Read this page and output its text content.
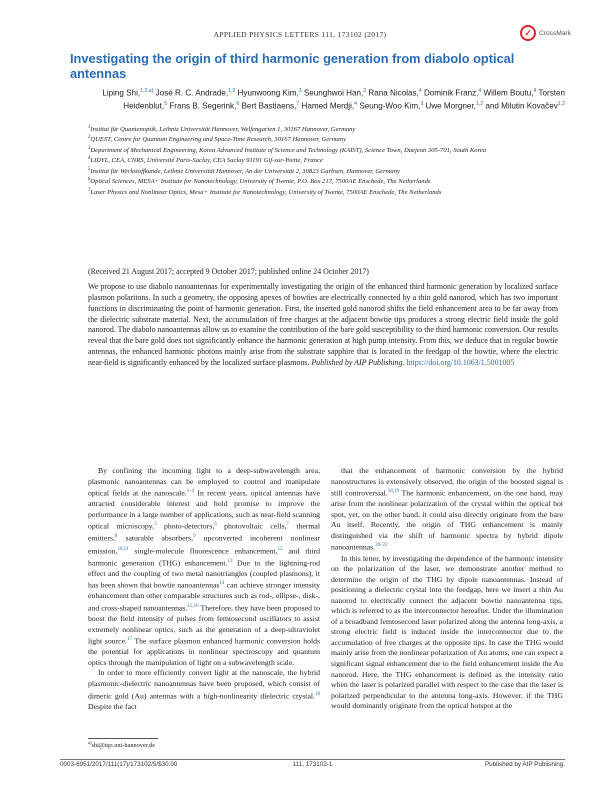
APPLIED PHYSICS LETTERS 111, 173102 (2017)	✓	CrossMark
Investigating the origin of third harmonic generation from diabolo optical antennas
Liping Shi,$^{1,2,a)}$ José R. C. Andrade,$^{1,2}$ Hyunwoong Kim,$^3$ Seunghwoi Han,$^3$ Rana Nicolas,$^4$ Dominik Franz,$^4$ Willem Boutu,$^4$ Torsten Heidenblut,$^5$ Frans B. Segerink,$^6$ Bert Bastiaens,$^7$ Hamed Merdji,$^4$ Seung-Woo Kim,$^3$ Uwe Morgner,$^{1,2}$ and Milutin Kovačev$^{1,2}$
$^1$Institut für Quantenoptik, Leibniz Universität Hannover, Welfengarten 1, 30167 Hannover, Germany
$^2$QUEST, Centre for Quantum Engineering and Space-Time Research, 30167 Hannover, Germany
$^3$Department of Mechanical Engineering, Korea Advanced Institute of Science and Technology (KAIST), Science Town, Daejeon 305-701, South Korea
$^4$LIDYL, CEA, CNRS, Université Paris-Saclay, CEA Saclay 91191 Gif-sur-Yvette, France
$^5$Institut für Werkstoffkunde, Leibniz Universität Hannover, An der Universität 2, 30823 Garbsen, Hannover, Germany
$^6$Optical Sciences, MESA+ Institute for Nanotechnology, University of Twente, P.O. Box 217, 7500AE Enschede, The Netherlands
$^7$Laser Physics and Nonlinear Optics, Mesa+ Institute for Nanotechnology, University of Twente, 7500AE Enschede, The Netherlands
(Received 21 August 2017; accepted 9 October 2017; published online 24 October 2017)
We propose to use diabolo nanoantennas for experimentally investigating the origin of the enhanced third harmonic generation by localized surface plasmon polaritons. In such a geometry, the opposing apexes of bowties are electrically connected by a thin gold nanorod, which has two important functions in discriminating the point of harmonic generation. First, the inserted gold nanorod shifts the field enhancement area to be far away from the dielectric substrate material. Next, the accumulation of free charges at the adjacent bowtie tips produces a strong electric field inside the gold nanorod. The diabolo nanoantennas allow us to examine the contribution of the bare gold susceptibility to the third harmonic conversion. Our results reveal that the bare gold does not significantly enhance the harmonic generation at high pump intensity. From this, we deduce that in regular bowtie antennas, the enhanced harmonic photons mainly arise from the substrate sapphire that is located in the feedgap of the bowtie, where the electric near-field is significantly enhanced by the localized surface plasmons. Published by AIP Publishing. https://doi.org/10.1063/1.5001005

By confining the incoming light to a deep-subwavelength area, plasmonic nanoantennas can be employed to control and manipulate optical fields at the nanoscale.$^{1-4}$ In recent years, optical antennas have attracted considerable interest and hold promise to improve the performance in a large number of applications, such as near-field scanning optical microscopy,$^5$ photo-detectors,$^6$ photovoltaic cells,$^7$ thermal emitters,$^8$ saturable absorbers,$^9$ upconverted incoherent nonlinear emission,$^{10,11}$ single-molecule fluorescence enhancement,$^{12}$ and third harmonic generation (THG) enhancement.$^{13}$ Due to the lightning-rod effect and the coupling of two metal nanotriangles (coupled plasmons), it has been shown that bowtie nanoantennas$^{14}$ can achieve stronger intensity enhancement than other comparable structures such as rod-, ellipse-, disk-, and cross-shaped nanoantennas.$^{15,16}$ Therefore, they have been proposed to boost the field intensity of pulses from femtosecond oscillators to assist extremely nonlinear optics, such as the generation of a deep-ultraviolet light source.$^{17}$ The surface plasmon enhanced harmonic conversion holds the potential for applications in nonlinear spectroscopy and quantum optics through the manipulation of light on a subwavelength scale.

In order to more efficiently convert light at the nanoscale, the hybrid plasmonic-dielectric nanoantennas have been proposed, which consist of dimeric gold (Au) antennas with a high-nonlinearity dielectric crystal.$^{18}$ Despite the fact

that the enhancement of harmonic conversion by the hybrid nanostructures is extensively observed, the origin of the boosted signal is still controversial.$^{18,19}$ The harmonic enhancement, on the one hand, may arise from the nonlinear polarization of the crystal within the optical hot spot, yet, on the other hand, it could also directly originate from the bare Au itself. Recently, the origin of THG enhancement is mainly distinguished via the shift of harmonic spectra by hybrid dipole nanoantennas.$^{20-22}$

In this letter, by investigating the dependence of the harmonic intensity on the polarization of the laser, we demonstrate another method to determine the origin of the THG by dipole nanoantennas. Instead of positioning a dielectric crystal into the feedgap, here we insert a thin Au nanorod to electrically connect the adjacent bowtie nanoantenna tips, which is referred to as the interconnector hereafter. Under the illumination of a broadband femtosecond laser polarized along the antenna long-axis, a strong electric field is induced inside the interconnector due to the accumulation of free charges at the opposite tips. In case the THG would mainly arise from the nonlinear polarization of Au atoms, one can expect a significant signal enhancement due to the field enhancement inside the Au nanorod. Here, the THG enhancement is defined as the intensity ratio when the laser is polarized parallel with respect to the case that the laser is polarized perpendicular to the antenna long-axis. However, if the THG would dominantly originate from the optical hotspot at the

$^{a)}$shi@iqo.uni-hannover.de
0003-6951/2017/111(17)/173102/5/$30.00	111, 173102-1	Published by AIP Publishing.
